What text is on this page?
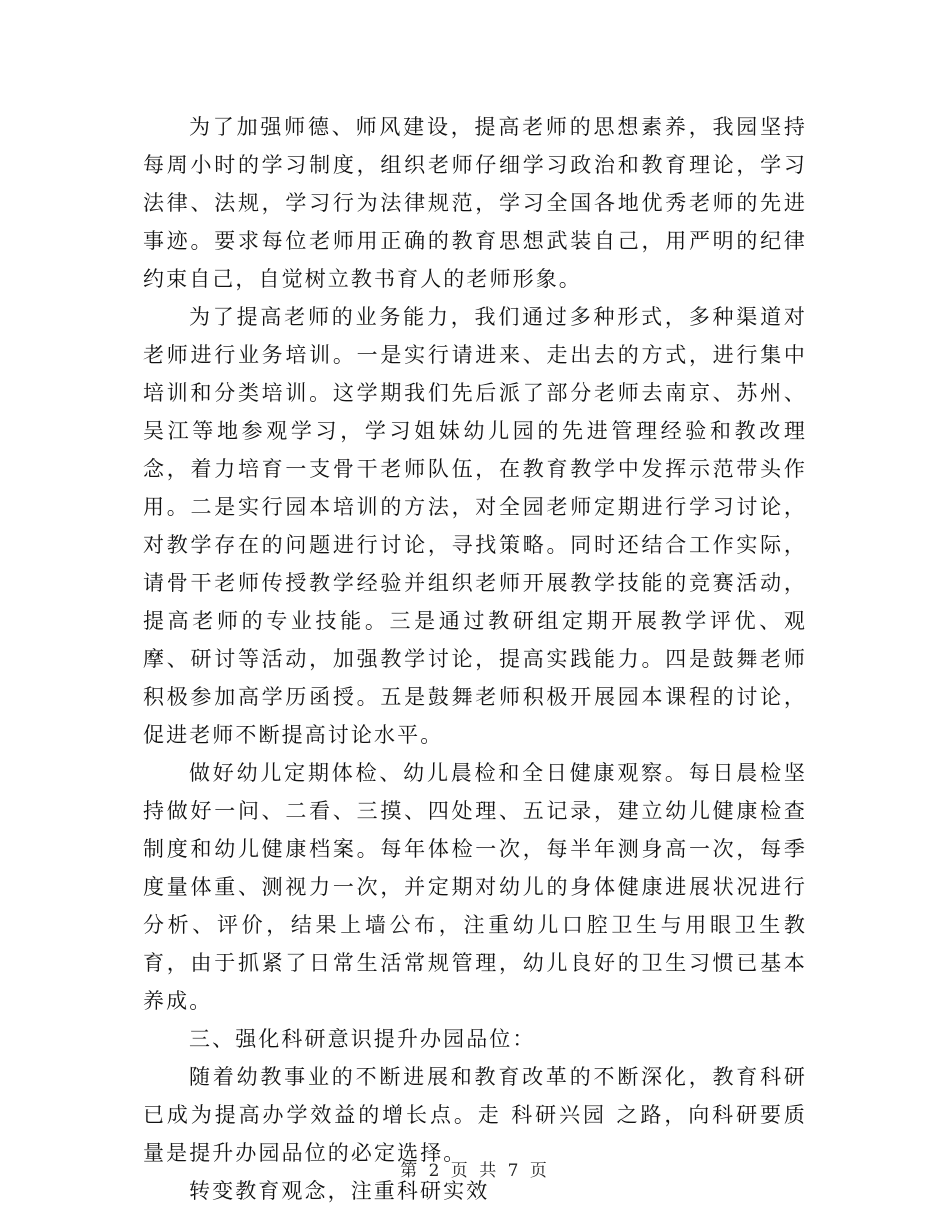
为了加强师德、师风建设，提高老师的思想素养，我园坚持每周小时的学习制度，组织老师仔细学习政治和教育理论，学习法律、法规，学习行为法律规范，学习全国各地优秀老师的先进事迹。要求每位老师用正确的教育思想武装自己，用严明的纪律约束自己，自觉树立教书育人的老师形象。

为了提高老师的业务能力，我们通过多种形式，多种渠道对老师进行业务培训。一是实行请进来、走出去的方式，进行集中培训和分类培训。这学期我们先后派了部分老师去南京、苏州、吴江等地参观学习，学习姐妹幼儿园的先进管理经验和教改理念，着力培育一支骨干老师队伍，在教育教学中发挥示范带头作用。二是实行园本培训的方法，对全园老师定期进行学习讨论，对教学存在的问题进行讨论，寻找策略。同时还结合工作实际，请骨干老师传授教学经验并组织老师开展教学技能的竞赛活动，提高老师的专业技能。三是通过教研组定期开展教学评优、观摩、研讨等活动，加强教学讨论，提高实践能力。四是鼓舞老师积极参加高学历函授。五是鼓舞老师积极开展园本课程的讨论，促进老师不断提高讨论水平。

做好幼儿定期体检、幼儿晨检和全日健康观察。每日晨检坚持做好一问、二看、三摸、四处理、五记录，建立幼儿健康检查制度和幼儿健康档案。每年体检一次，每半年测身高一次，每季度量体重、测视力一次，并定期对幼儿的身体健康进展状况进行分析、评价，结果上墙公布，注重幼儿口腔卫生与用眼卫生教育，由于抓紧了日常生活常规管理，幼儿良好的卫生习惯已基本养成。

三、强化科研意识提升办园品位：

随着幼教事业的不断进展和教育改革的不断深化，教育科研已成为提高办学效益的增长点。走 科研兴园 之路，向科研要质量是提升办园品位的必定选择。

转变教育观念，注重科研实效

第 2 页 共 7 页
